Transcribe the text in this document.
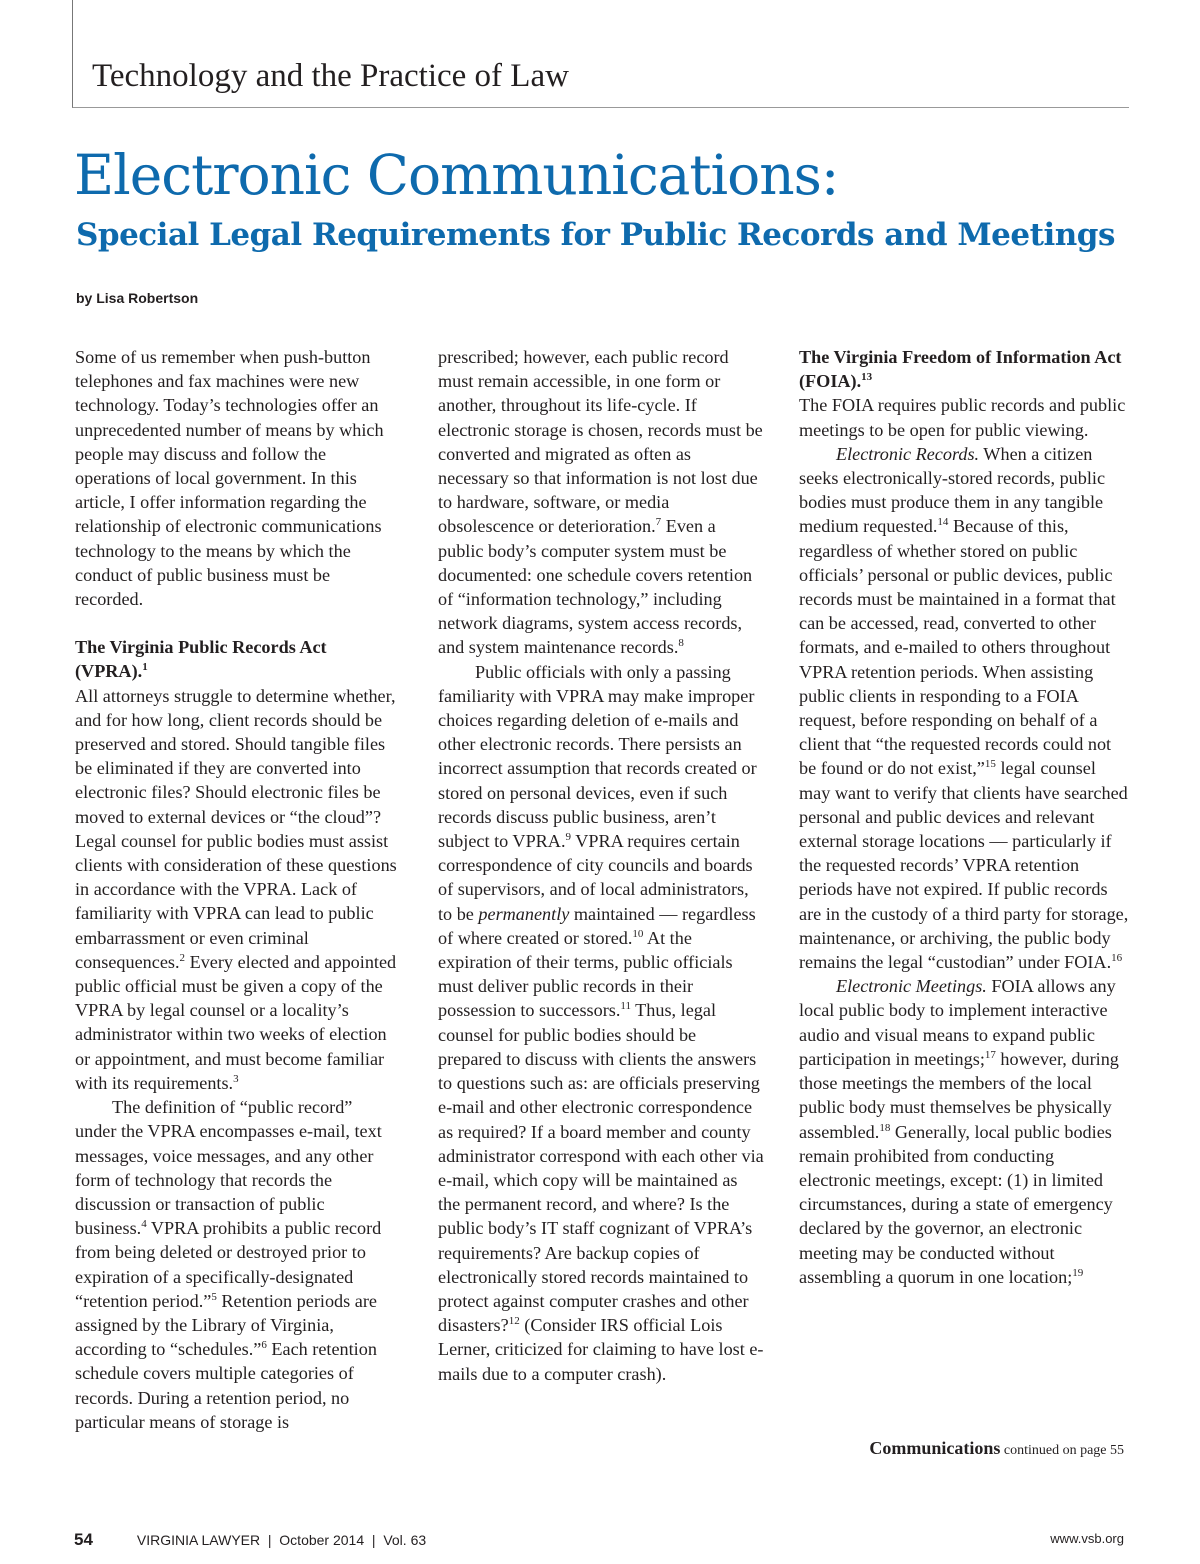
Technology and the Practice of Law
Electronic Communications:
Special Legal Requirements for Public Records and Meetings
by Lisa Robertson

Some of us remember when push-button telephones and fax machines were new technology. Today’s technologies offer an unprecedented number of means by which people may discuss and follow the operations of local government. In this article, I offer information regarding the relationship of electronic communications technology to the means by which the conduct of public business must be recorded.

The Virginia Public Records Act (VPRA).$^1$

All attorneys struggle to determine whether, and for how long, client records should be preserved and stored. Should tangible files be eliminated if they are converted into electronic files? Should electronic files be moved to external devices or “the cloud”? Legal counsel for public bodies must assist clients with consideration of these questions in accordance with the VPRA. Lack of familiarity with VPRA can lead to public embarrassment or even criminal consequences.$^2$ Every elected and appointed public official must be given a copy of the VPRA by legal counsel or a locality’s administrator within two weeks of election or appointment, and must become familiar with its requirements.$^3$

The definition of “public record” under the VPRA encompasses e-mail, text messages, voice messages, and any other form of technology that records the discussion or transaction of public business.$^4$ VPRA prohibits a public record from being deleted or destroyed prior to expiration of a specifically-designated “retention period.”$^5$ Retention periods are assigned by the Library of Virginia, according to “schedules.”$^6$ Each retention schedule covers multiple categories of records. During a retention period, no particular means of storage is

prescribed; however, each public record must remain accessible, in one form or another, throughout its life-cycle. If electronic storage is chosen, records must be converted and migrated as often as necessary so that information is not lost due to hardware, software, or media obsolescence or deterioration.$^7$ Even a public body’s computer system must be documented: one schedule covers retention of “information technology,” including network diagrams, system access records, and system maintenance records.$^8$

Public officials with only a passing familiarity with VPRA may make improper choices regarding deletion of e-mails and other electronic records. There persists an incorrect assumption that records created or stored on personal devices, even if such records discuss public business, aren’t subject to VPRA.$^9$ VPRA requires certain correspondence of city councils and boards of supervisors, and of local administrators, to be permanently maintained — regardless of where created or stored.$^{10}$ At the expiration of their terms, public officials must deliver public records in their possession to successors.$^{11}$ Thus, legal counsel for public bodies should be prepared to discuss with clients the answers to questions such as: are officials preserving e-mail and other electronic correspondence as required? If a board member and county administrator correspond with each other via e-mail, which copy will be maintained as the permanent record, and where? Is the public body’s IT staff cognizant of VPRA’s requirements? Are backup copies of electronically stored records maintained to protect against computer crashes and other disasters?$^{12}$ (Consider IRS official Lois Lerner, criticized for claiming to have lost e-mails due to a computer crash).

The Virginia Freedom of Information Act (FOIA).$^{13}$

The FOIA requires public records and public meetings to be open for public viewing.

Electronic Records. When a citizen seeks electronically-stored records, public bodies must produce them in any tangible medium requested.$^{14}$ Because of this, regardless of whether stored on public officials’ personal or public devices, public records must be maintained in a format that can be accessed, read, converted to other formats, and e-mailed to others throughout VPRA retention periods. When assisting public clients in responding to a FOIA request, before responding on behalf of a client that “the requested records could not be found or do not exist,”$^{15}$ legal counsel may want to verify that clients have searched personal and public devices and relevant external storage locations — particularly if the requested records’ VPRA retention periods have not expired. If public records are in the custody of a third party for storage, maintenance, or archiving, the public body remains the legal “custodian” under FOIA.$^{16}$

Electronic Meetings. FOIA allows any local public body to implement interactive audio and visual means to expand public participation in meetings;$^{17}$ however, during those meetings the members of the local public body must themselves be physically assembled.$^{18}$ Generally, local public bodies remain prohibited from conducting electronic meetings, except: (1) in limited circumstances, during a state of emergency declared by the governor, an electronic meeting may be conducted without assembling a quorum in one location;$^{19}$

Communications continued on page 55
54	VIRGINIA LAWYER  |  October 2014  |  Vol. 63	www.vsb.org
